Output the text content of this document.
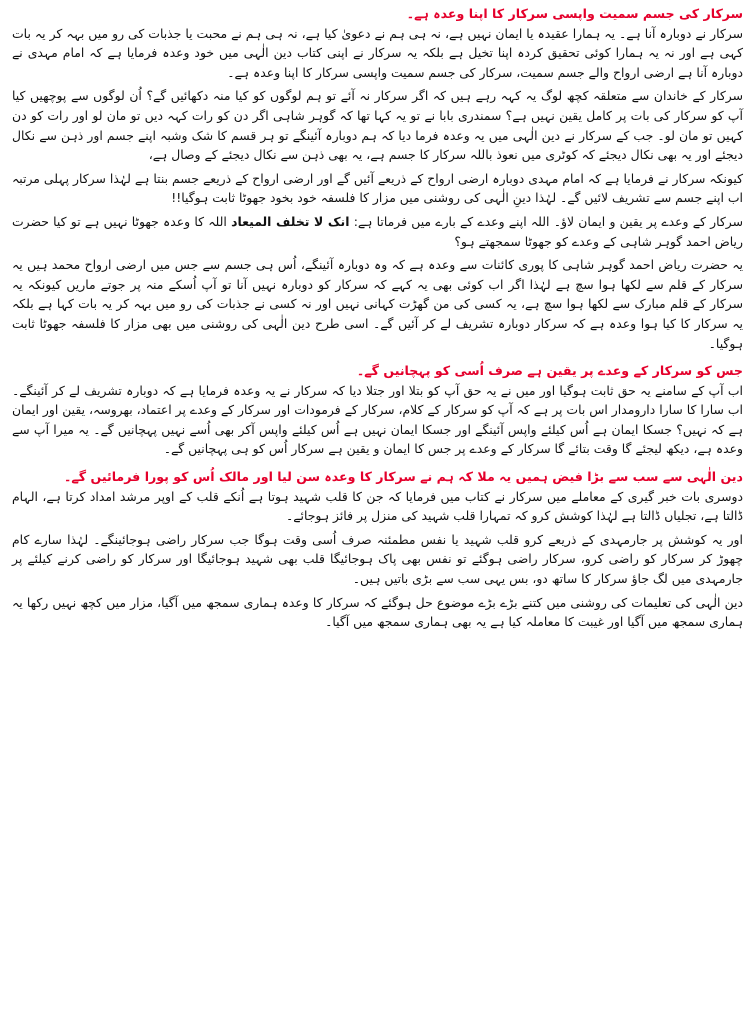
سرکار کی جسم سمیت واپسی سرکار کا اپنا وعدہ ہے۔

سرکار نے دوبارہ آنا ہے۔ یہ ہمارا عقیدہ یا ایمان نہیں ہے، نہ ہی ہم نے دعویٰ کیا ہے، نہ ہی ہم نے محبت یا جذبات کی رو میں بہہ کر یہ بات کہی ہے اور نہ یہ ہمارا کوئی تحقیق کردہ اپنا تخیل ہے بلکہ یہ سرکار نے اپنی کتاب دین الٰہی میں خود وعدہ فرمایا ہے کہ امام مہدی نے دوبارہ آنا ہے ارضی ارواح والے جسم سمیت، سرکار کی جسم سمیت واپسی سرکار کا اپنا وعدہ ہے۔

سرکار کے خاندان سے متعلقہ کچھ لوگ یہ کہہ رہے ہیں کہ اگر سرکار نہ آئے تو ہم لوگوں کو کیا منہ دکھائیں گے؟ اُن لوگوں سے پوچھیں کیا آپ کو سرکار کی بات پر کامل یقین نہیں ہے؟ سمندری بابا نے تو یہ کہا تھا کہ گوہر شاہی اگر دن کو رات کہہ دیں تو مان لو اور رات کو دن کہیں تو مان لو۔ جب کے سرکار نے دین الٰہی میں یہ وعدہ فرما دیا کہ ہم دوبارہ آئینگے تو ہر قسم کا شک وشبہ اپنے جسم اور ذہن سے نکال دیجئے اور یہ بھی نکال دیجئے کہ کوٹری میں نعوذ باللہ سرکار کا جسم ہے، یہ بھی ذہن سے نکال دیجئے کے وصال ہے،

کیونکہ سرکار نے فرمایا ہے کہ امام مہدی دوبارہ ارضی ارواح کے ذریعے آئیں گے اور ارضی ارواح کے ذریعے جسم بنتا ہے لہٰذا سرکار پہلی مرتبہ اب اپنے جسم سے تشریف لائیں گے۔ لہٰذا دینِ الٰہی کی روشنی میں مزار کا فلسفہ خود بخود جھوٹا ثابت ہوگیا!!

سرکار کے وعدے پر یقین و ایمان لاؤ۔ اللہ اپنے وعدے کے بارے میں فرماتا ہے: انک لا تخلف المیعاد اللہ کا وعدہ جھوٹا نہیں ہے تو کیا حضرت ریاض احمد گوہر شاہی کے وعدے کو جھوٹا سمجھتے ہو؟

یہ حضرت ریاض احمد گوہر شاہی کا پوری کائنات سے وعدہ ہے کہ وہ دوبارہ آئینگے، اُس ہی جسم سے جس میں ارضی ارواح محمد ہیں یہ سرکار کے قلم سے لکھا ہوا سچ ہے لہٰذا اگر اب کوئی بھی یہ کہے کہ سرکار کو دوبارہ نہیں آنا تو آپ اُسکے منہ پر جوتے ماریں کیونکہ یہ سرکار کے قلم مبارک سے لکھا ہوا سچ ہے، یہ کسی کی من گھڑت کہانی نہیں اور نہ کسی نے جذبات کی رو میں بہہ کر یہ بات کہا ہے بلکہ یہ سرکار کا کیا ہوا وعدہ ہے کہ سرکار دوبارہ تشریف لے کر آئیں گے۔ اسی طرح دین الٰہی کی روشنی میں بھی مزار کا فلسفہ جھوٹا ثابت ہوگیا۔

جس کو سرکار کے وعدے پر یقین ہے صرف اُسی کو پہچانیں گے۔

اب آپ کے سامنے یہ حق ثابت ہوگیا اور میں نے یہ حق آپ کو بتلا اور جتلا دیا کہ سرکار نے یہ وعدہ فرمایا ہے کہ دوبارہ تشریف لے کر آئینگے۔ اب سارا کا سارا دارومدار اس بات پر ہے کہ آپ کو سرکار کے کلام، سرکار کے فرمودات اور سرکار کے وعدے پر اعتماد، بھروسہ، یقین اور ایمان ہے کہ نہیں؟ جسکا ایمان ہے اُس کیلئے واپس آئینگے اور جسکا ایمان نہیں ہے اُس کیلئے واپس آکر بھی اُسے نہیں پہچانیں گے۔ یہ میرا آپ سے وعدہ ہے، دیکھ لیجئے گا وقت بتائے گا سرکار کے وعدے پر جس کا ایمان و یقین ہے سرکار اُس کو ہی پہچانیں گے۔

دین الٰہی سے سب سے بڑا فیض ہمیں یہ ملا کہ ہم نے سرکار کا وعدہ سن لیا اور مالک اُس کو پورا فرمائیں گے۔

دوسری بات خبر گیری کے معاملے میں سرکار نے کتاب میں فرمایا کہ جن کا قلب شہید ہوتا ہے اُنکے قلب کے اوپر مرشد امداد کرتا ہے، الہام ڈالتا ہے، تجلیاں ڈالتا ہے لہٰذا کوشش کرو کہ تمہارا قلب شہید کی منزل پر فائز ہوجائے۔

اور یہ کوشش پر جارمہدی کے ذریعے کرو قلب شہید یا نفس مطمئنہ صرف اُسی وقت ہوگا جب سرکار راضی ہوجائینگے۔ لہٰذا سارے کام چھوڑ کر سرکار کو راضی کرو، سرکار راضی ہوگئے تو نفس بھی پاک ہوجائیگا قلب بھی شہید ہوجائیگا اور سرکار کو راضی کرنے کیلئے پر جارمہدی میں لگ جاؤ سرکار کا ساتھ دو، بس یہی سب سے بڑی باتیں ہیں۔

دین الٰہی کی تعلیمات کی روشنی میں کتنے بڑے بڑے موضوع حل ہوگئے کہ سرکار کا وعدہ ہماری سمجھ میں آگیا، مزار میں کچھ نہیں رکھا یہ ہماری سمجھ میں آگیا اور غیبت کا معاملہ کیا ہے یہ بھی ہماری سمجھ میں آگیا۔
